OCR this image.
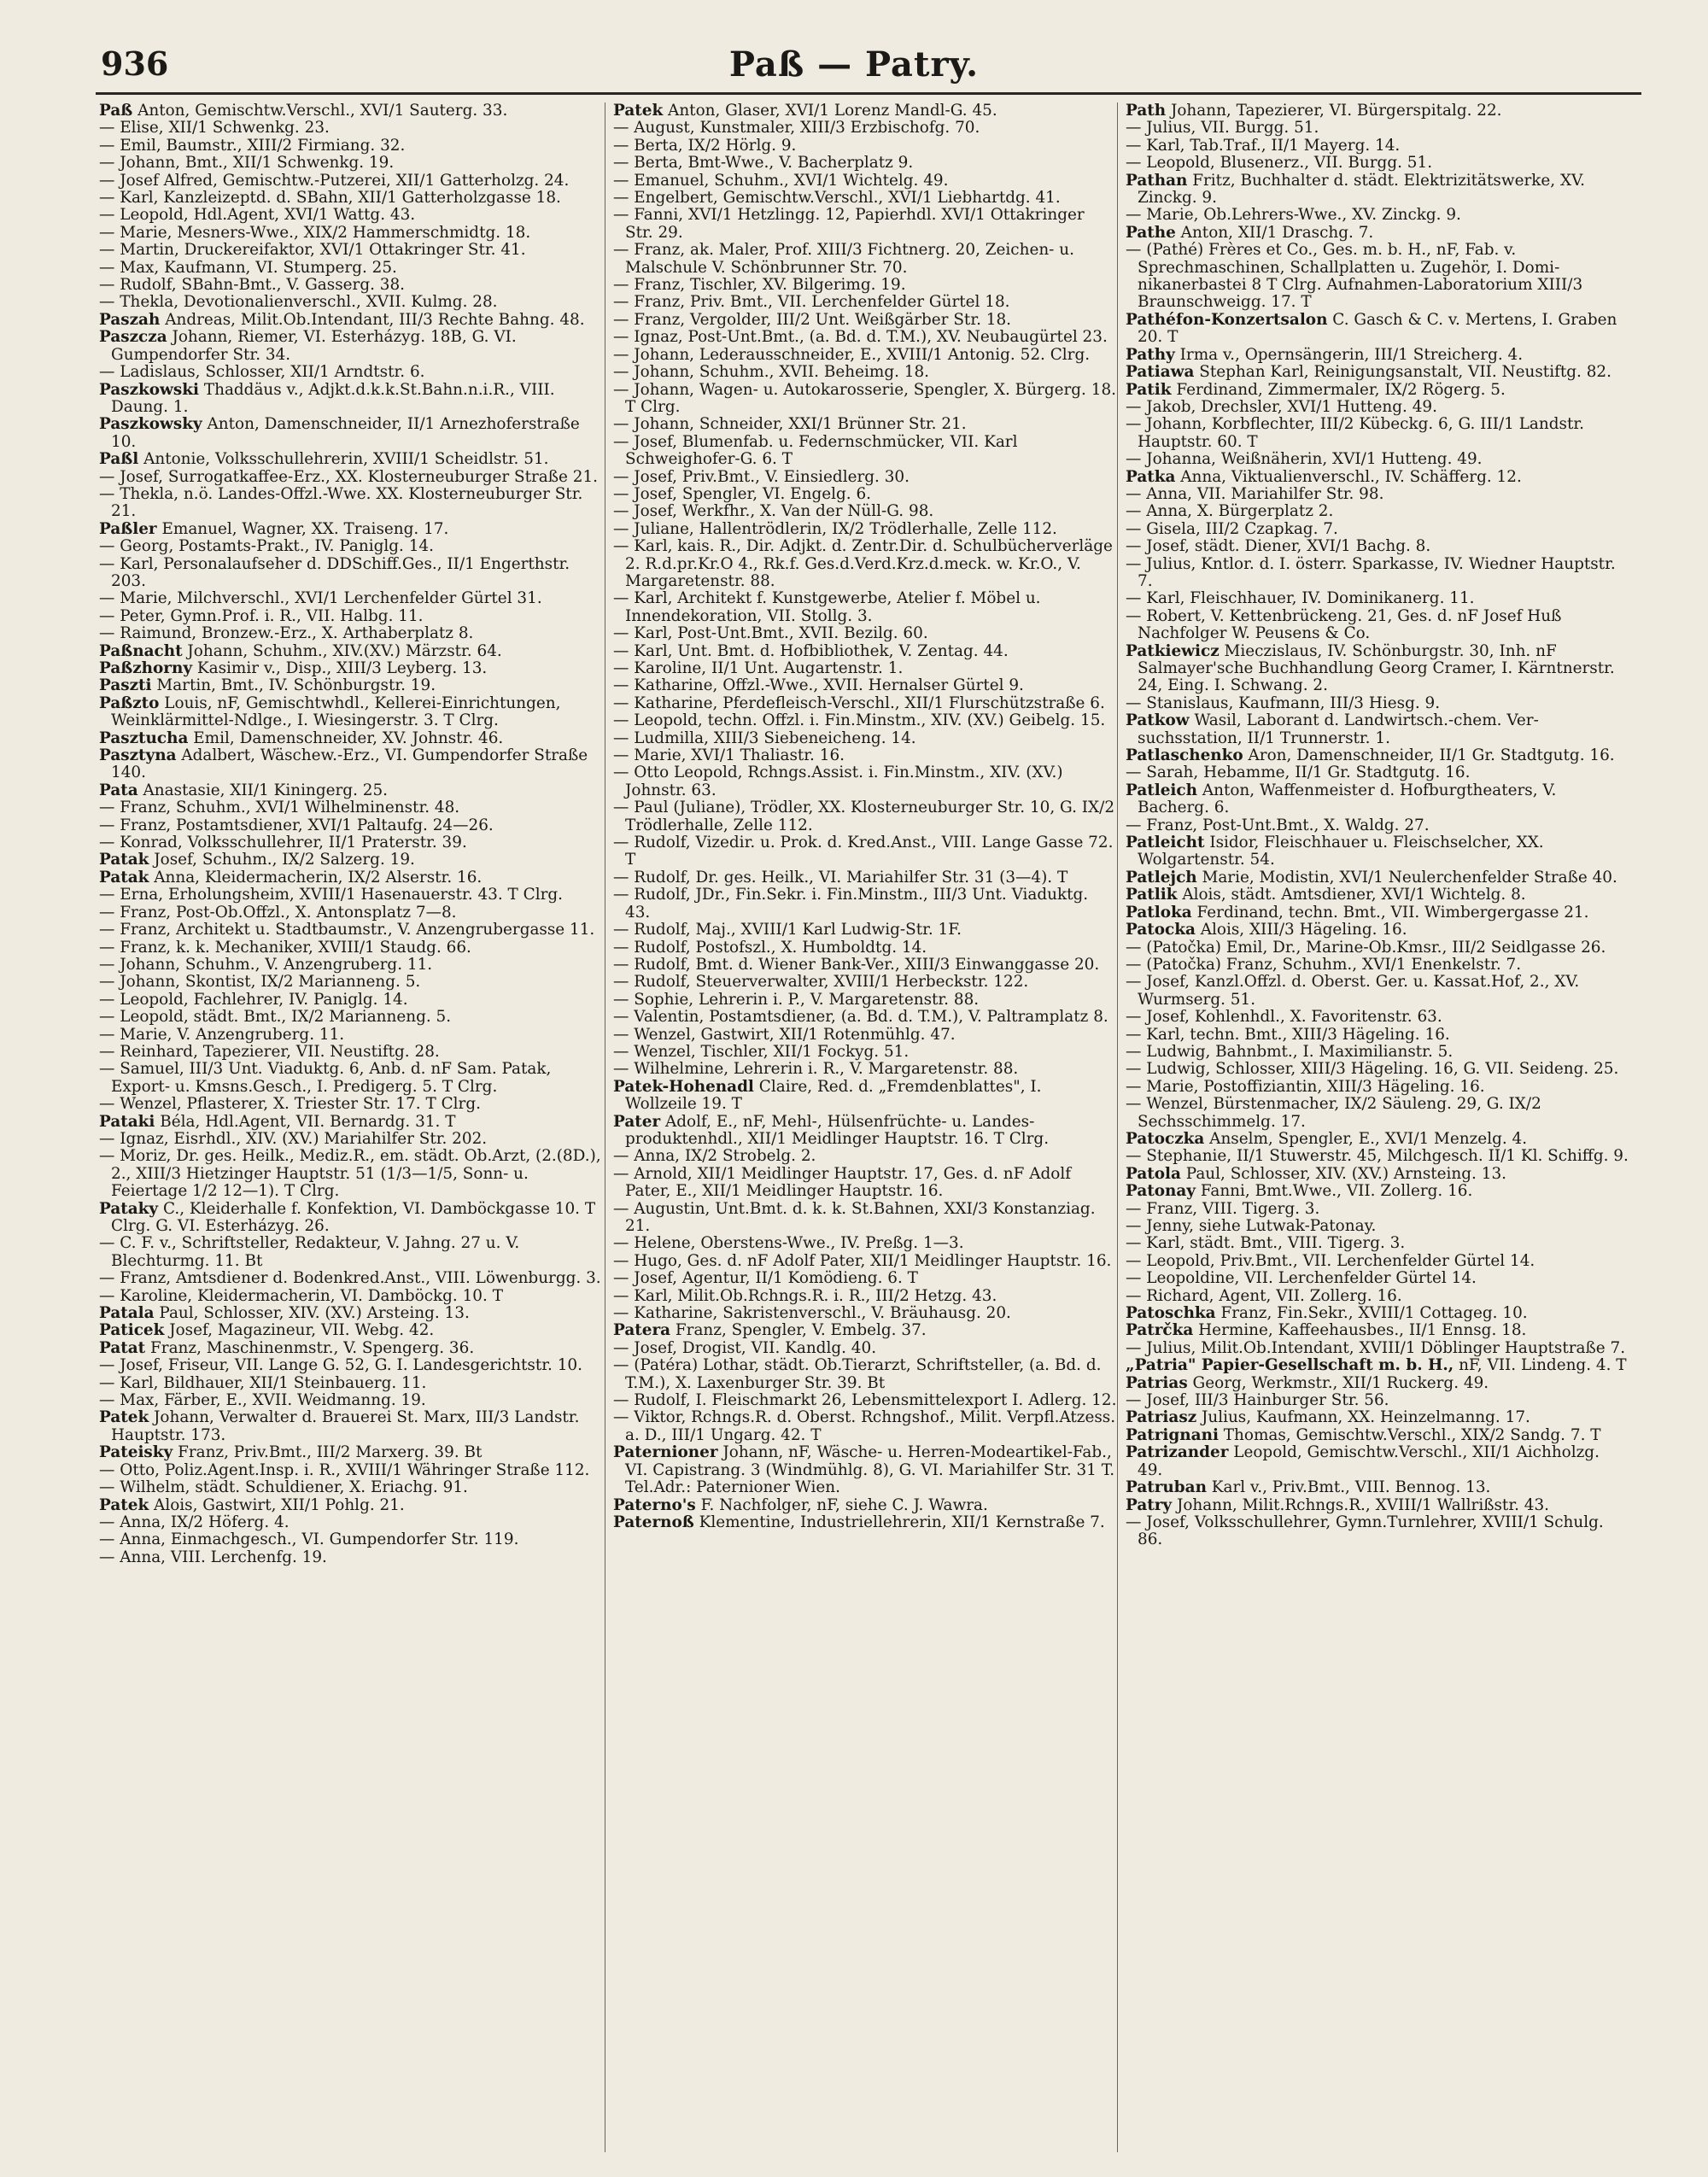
936	Paß — Patry.

Paß Anton, Gemischtw.Verschl., XVI/1 Sauterg. 33.

— Elise, XII/1 Schwenkg. 23.

— Emil, Baumstr., XIII/2 Firmiang. 32.

— Johann, Bmt., XII/1 Schwenkg. 19.

— Josef Alfred, Gemischtw.-Putzerei, XII/1 Gatterholzg. 24.

— Karl, Kanzleizeptd. d. SBahn, XII/1 Gatterholzgasse 18.

— Leopold, Hdl.Agent, XVI/1 Wattg. 43.

— Marie, Mesners-Wwe., XIX/2 Hammerschmidtg. 18.

— Martin, Druckereifaktor, XVI/1 Ottakringer Str. 41.

— Max, Kaufmann, VI. Stumperg. 25.

— Rudolf, SBahn-Bmt., V. Gasserg. 38.

— Thekla, Devotionalienverschl., XVII. Kulmg. 28.

Paszah Andreas, Milit.Ob.Intendant, III/3 Rechte Bahng. 48.

Paszcza Johann, Riemer, VI. Esterházyg. 18B, G. VI. Gumpendorfer Str. 34.

— Ladislaus, Schlosser, XII/1 Arndtstr. 6.

Paszkowski Thaddäus v., Adjkt.d.k.k.St.Bahn.n.i.R., VIII. Daung. 1.

Paszkowsky Anton, Damenschneider, II/1 Arnezhoferstraße 10.

Paßl Antonie, Volksschullehrerin, XVIII/1 Scheidlstr. 51.

— Josef, Surrogatkaffee-Erz., XX. Klosterneuburger Straße 21.

— Thekla, n.ö. Landes-Offzl.-Wwe. XX. Klosterneuburger Str. 21.

Paßler Emanuel, Wagner, XX. Traiseng. 17.

— Georg, Postamts-Prakt., IV. Paniglg. 14.

— Karl, Personalaufseher d. DDSchiff.Ges., II/1 Engerthstr. 203.

— Marie, Milchverschl., XVI/1 Lerchenfelder Gürtel 31.

— Peter, Gymn.Prof. i. R., VII. Halbg. 11.

— Raimund, Bronzew.-Erz., X. Arthaberplatz 8.

Paßnacht Johann, Schuhm., XIV.(XV.) Märzstr. 64.

Paßzhorny Kasimir v., Disp., XIII/3 Leyberg. 13.

Paszti Martin, Bmt., IV. Schönburgstr. 19.

Paßzto Louis, nF, Gemischtwhdl., Kellerei-Einrichtungen, Weinklärmittel-Ndlge., I. Wiesingerstr. 3. T Clrg.

Pasztucha Emil, Damenschneider, XV. Johnstr. 46.

Pasztyna Adalbert, Wäschew.-Erz., VI. Gumpendorfer Straße 140.

Pata Anastasie, XII/1 Kiningerg. 25.

— Franz, Schuhm., XVI/1 Wilhelminenstr. 48.

— Franz, Postamtsdiener, XVI/1 Paltaufg. 24—26.

— Konrad, Volksschullehrer, II/1 Praterstr. 39.

Patak Josef, Schuhm., IX/2 Salzerg. 19.

Patak Anna, Kleidermacherin, IX/2 Alserstr. 16.

— Erna, Erholungsheim, XVIII/1 Hasenauerstr. 43. T Clrg.

— Franz, Post-Ob.Offzl., X. Antonsplatz 7—8.

— Franz, Architekt u. Stadtbaumstr., V. Anzengrubergasse 11.

— Franz, k. k. Mechaniker, XVIII/1 Staudg. 66.

— Johann, Schuhm., V. Anzengruberg. 11.

— Johann, Skontist, IX/2 Marianneng. 5.

— Leopold, Fachlehrer, IV. Paniglg. 14.

— Leopold, städt. Bmt., IX/2 Marianneng. 5.

— Marie, V. Anzengruberg. 11.

— Reinhard, Tapezierer, VII. Neustiftg. 28.

— Samuel, III/3 Unt. Viaduktg. 6, Anb. d. nF Sam. Patak, Export- u. Kmsns.Gesch., I. Predigerg. 5. T Clrg.

— Wenzel, Pflasterer, X. Triester Str. 17. T Clrg.

Pataki Béla, Hdl.Agent, VII. Bernardg. 31. T

— Ignaz, Eisrhdl., XIV. (XV.) Mariahilfer Str. 202.

— Moriz, Dr. ges. Heilk., Mediz.R., em. städt. Ob.Arzt, (2.(8D.), 2., XIII/3 Hietzinger Hauptstr. 51 (1/3—1/5, Sonn- u. Feiertage 1/2 12—1). T Clrg.

Pataky C., Kleiderhalle f. Konfektion, VI. Damböckgasse 10. T Clrg. G. VI. Esterházyg. 26.

— C. F. v., Schriftsteller, Redakteur, V. Jahng. 27 u. V. Blechturmg. 11. Bt

— Franz, Amtsdiener d. Bodenkred.Anst., VIII. Löwenburgg. 3.

— Karoline, Kleidermacherin, VI. Damböckg. 10. T

Patala Paul, Schlosser, XIV. (XV.) Arsteing. 13.

Paticek Josef, Magazineur, VII. Webg. 42.

Patat Franz, Maschinenmstr., V. Spengerg. 36.

— Josef, Friseur, VII. Lange G. 52, G. I. Landesgerichtstr. 10.

— Karl, Bildhauer, XII/1 Steinbauerg. 11.

— Max, Färber, E., XVII. Weidmanng. 19.

Patek Johann, Verwalter d. Brauerei St. Marx, III/3 Landstr. Hauptstr. 173.

Pateisky Franz, Priv.Bmt., III/2 Marxerg. 39. Bt

— Otto, Poliz.Agent.Insp. i. R., XVIII/1 Währinger Straße 112.

— Wilhelm, städt. Schuldiener, X. Eriachg. 91.

Patek Alois, Gastwirt, XII/1 Pohlg. 21.

— Anna, IX/2 Höferg. 4.

— Anna, Einmachgesch., VI. Gumpendorfer Str. 119.

— Anna, VIII. Lerchenfg. 19.

Patek Anton, Glaser, XVI/1 Lorenz Mandl-G. 45.

— August, Kunstmaler, XIII/3 Erzbischofg. 70.

— Berta, IX/2 Hörlg. 9.

— Berta, Bmt-Wwe., V. Bacherplatz 9.

— Emanuel, Schuhm., XVI/1 Wichtelg. 49.

— Engelbert, Gemischtw.Verschl., XVI/1 Liebhartdg. 41.

— Fanni, XVI/1 Hetzlingg. 12, Papierhdl. XVI/1 Ottakringer Str. 29.

— Franz, ak. Maler, Prof. XIII/3 Fichtnerg. 20, Zeichen- u. Malschule V. Schönbrunner Str. 70.

— Franz, Tischler, XV. Bilgerimg. 19.

— Franz, Priv. Bmt., VII. Lerchenfelder Gürtel 18.

— Franz, Vergolder, III/2 Unt. Weißgärber Str. 18.

— Ignaz, Post-Unt.Bmt., (a. Bd. d. T.M.), XV. Neubaugürtel 23.

— Johann, Lederausschneider, E., XVIII/1 Antonig. 52. Clrg.

— Johann, Schuhm., XVII. Beheimg. 18.

— Johann, Wagen- u. Autokarosserie, Spengler, X. Bürgerg. 18. T Clrg.

— Johann, Schneider, XXI/1 Brünner Str. 21.

— Josef, Blumenfab. u. Federnschmücker, VII. Karl Schweighofer-G. 6. T

— Josef, Priv.Bmt., V. Einsiedlerg. 30.

— Josef, Spengler, VI. Engelg. 6.

— Josef, Werkfhr., X. Van der Nüll-G. 98.

— Juliane, Hallentrödlerin, IX/2 Trödlerhalle, Zelle 112.

— Karl, kais. R., Dir. Adjkt. d. Zentr.Dir. d. Schulbücherverläge 2. R.d.pr.Kr.O 4., Rk.f. Ges.d.Verd.Krz.d.meck. w. Kr.O., V. Margaretenstr. 88.

— Karl, Architekt f. Kunstgewerbe, Atelier f. Möbel u. Innendekoration, VII. Stollg. 3.

— Karl, Post-Unt.Bmt., XVII. Bezilg. 60.

— Karl, Unt. Bmt. d. Hofbibliothek, V. Zentag. 44.

— Karoline, II/1 Unt. Augartenstr. 1.

— Katharine, Offzl.-Wwe., XVII. Hernalser Gürtel 9.

— Katharine, Pferdefleisch-Verschl., XII/1 Flurschützstraße 6.

— Leopold, techn. Offzl. i. Fin.Minstm., XIV. (XV.) Geibelg. 15.

— Ludmilla, XIII/3 Siebeneicheng. 14.

— Marie, XVI/1 Thaliastr. 16.

— Otto Leopold, Rchngs.Assist. i. Fin.Minstm., XIV. (XV.) Johnstr. 63.

— Paul (Juliane), Trödler, XX. Klosterneuburger Str. 10, G. IX/2 Trödlerhalle, Zelle 112.

— Rudolf, Vizedir. u. Prok. d. Kred.Anst., VIII. Lange Gasse 72. T

— Rudolf, Dr. ges. Heilk., VI. Mariahilfer Str. 31 (3—4). T

— Rudolf, JDr., Fin.Sekr. i. Fin.Minstm., III/3 Unt. Viaduktg. 43.

— Rudolf, Maj., XVIII/1 Karl Ludwig-Str. 1F.

— Rudolf, Postofszl., X. Humboldtg. 14.

— Rudolf, Bmt. d. Wiener Bank-Ver., XIII/3 Einwanggasse 20.

— Rudolf, Steuerverwalter, XVIII/1 Herbeckstr. 122.

— Sophie, Lehrerin i. P., V. Margaretenstr. 88.

— Valentin, Postamtsdiener, (a. Bd. d. T.M.), V. Paltramplatz 8.

— Wenzel, Gastwirt, XII/1 Rotenmühlg. 47.

— Wenzel, Tischler, XII/1 Fockyg. 51.

— Wilhelmine, Lehrerin i. R., V. Margaretenstr. 88.

Patek-Hohenadl Claire, Red. d. „Fremdenblattes", I. Wollzeile 19. T

Pater Adolf, E., nF, Mehl-, Hülsenfrüchte- u. Landesproduktenhdl., XII/1 Meidlinger Hauptstr. 16. T Clrg.

— Anna, IX/2 Strobelg. 2.

— Arnold, XII/1 Meidlinger Hauptstr. 17, Ges. d. nF Adolf Pater, E., XII/1 Meidlinger Hauptstr. 16.

— Augustin, Unt.Bmt. d. k. k. St.Bahnen, XXI/3 Konstanziag. 21.

— Helene, Oberstens-Wwe., IV. Preßg. 1—3.

— Hugo, Ges. d. nF Adolf Pater, XII/1 Meidlinger Hauptstr. 16.

— Josef, Agentur, II/1 Komödieng. 6. T

— Karl, Milit.Ob.Rchngs.R. i. R., III/2 Hetzg. 43.

— Katharine, Sakristenverschl., V. Bräuhausg. 20.

Patera Franz, Spengler, V. Embelg. 37.

— Josef, Drogist, VII. Kandlg. 40.

— (Patéra) Lothar, städt. Ob.Tierarzt, Schriftsteller, (a. Bd. d. T.M.), X. Laxenburger Str. 39. Bt

— Rudolf, I. Fleischmarkt 26, Lebensmittelexport I. Adlerg. 12.

— Viktor, Rchngs.R. d. Oberst. Rchngshof., Milit. Verpfl.Atzess. a. D., III/1 Ungarg. 42. T

Paternioner Johann, nF, Wäsche- u. Herren-Modeartikel-Fab., VI. Capistrang. 3 (Windmühlg. 8), G. VI. Mariahilfer Str. 31 T. Tel.Adr.: Paternioner Wien.

Paterno's F. Nachfolger, nF, siehe C. J. Wawra.

Paternoß Klementine, Industriellehrerin, XII/1 Kernstraße 7.

Path Johann, Tapezierer, VI. Bürgerspitalg. 22.

— Julius, VII. Burgg. 51.

— Karl, Tab.Traf., II/1 Mayerg. 14.

— Leopold, Blusenerz., VII. Burgg. 51.

Pathan Fritz, Buchhalter d. städt. Elektrizitätswerke, XV. Zinckg. 9.

— Marie, Ob.Lehrers-Wwe., XV. Zinckg. 9.

Pathe Anton, XII/1 Draschg. 7.

— (Pathé) Frères et Co., Ges. m. b. H., nF, Fab. v. Sprechmaschinen, Schallplatten u. Zugehör, I. Dominikanerbastei 8 T Clrg. Aufnahmen-Laboratorium XIII/3 Braunschweigg. 17. T

Pathéfon-Konzertsalon C. Gasch & C. v. Mertens, I. Graben 20. T

Pathy Irma v., Opernsängerin, III/1 Streicherg. 4.

Patiawa Stephan Karl, Reinigungsanstalt, VII. Neustiftg. 82.

Patik Ferdinand, Zimmermaler, IX/2 Rögerg. 5.

— Jakob, Drechsler, XVI/1 Hutteng. 49.

— Johann, Korbflechter, III/2 Kübeckg. 6, G. III/1 Landstr. Hauptstr. 60. T

— Johanna, Weißnäherin, XVI/1 Hutteng. 49.

Patka Anna, Viktualienverschl., IV. Schäfferg. 12.

— Anna, VII. Mariahilfer Str. 98.

— Anna, X. Bürgerplatz 2.

— Gisela, III/2 Czapkag. 7.

— Josef, städt. Diener, XVI/1 Bachg. 8.

— Julius, Kntlor. d. I. österr. Sparkasse, IV. Wiedner Hauptstr. 7.

— Karl, Fleischhauer, IV. Dominikanerg. 11.

— Robert, V. Kettenbrückeng. 21, Ges. d. nF Josef Huß Nachfolger W. Peusens & Co.

Patkiewicz Mieczislaus, IV. Schönburgstr. 30, Inh. nF Salmayer'sche Buchhandlung Georg Cramer, I. Kärntnerstr. 24, Eing. I. Schwang. 2.

— Stanislaus, Kaufmann, III/3 Hiesg. 9.

Patkow Wasil, Laborant d. Landwirtsch.-chem. Versuchsstation, II/1 Trunnerstr. 1.

Patlaschenko Aron, Damenschneider, II/1 Gr. Stadtgutg. 16.

— Sarah, Hebamme, II/1 Gr. Stadtgutg. 16.

Patleich Anton, Waffenmeister d. Hofburgtheaters, V. Bacherg. 6.

— Franz, Post-Unt.Bmt., X. Waldg. 27.

Patleicht Isidor, Fleischhauer u. Fleischselcher, XX. Wolgartenstr. 54.

Patlejch Marie, Modistin, XVI/1 Neulerchenfelder Straße 40.

Patlik Alois, städt. Amtsdiener, XVI/1 Wichtelg. 8.

Patloka Ferdinand, techn. Bmt., VII. Wimbergergasse 21.

Patocka Alois, XIII/3 Hägeling. 16.

— (Patočka) Emil, Dr., Marine-Ob.Kmsr., III/2 Seidlgasse 26.

— (Patočka) Franz, Schuhm., XVI/1 Enenkelstr. 7.

— Josef, Kanzl.Offzl. d. Oberst. Ger. u. Kassat.Hof, 2., XV. Wurmserg. 51.

— Josef, Kohlenhdl., X. Favoritenstr. 63.

— Karl, techn. Bmt., XIII/3 Hägeling. 16.

— Ludwig, Bahnbmt., I. Maximilianstr. 5.

— Ludwig, Schlosser, XIII/3 Hägeling. 16, G. VII. Seideng. 25.

— Marie, Postoffiziantin, XIII/3 Hägeling. 16.

— Wenzel, Bürstenmacher, IX/2 Säuleng. 29, G. IX/2 Sechsschimmelg. 17.

Patoczka Anselm, Spengler, E., XVI/1 Menzelg. 4.

— Stephanie, II/1 Stuwerstr. 45, Milchgesch. II/1 Kl. Schiffg. 9.

Patola Paul, Schlosser, XIV. (XV.) Arnsteing. 13.

Patonay Fanni, Bmt.Wwe., VII. Zollerg. 16.

— Franz, VIII. Tigerg. 3.

— Jenny, siehe Lutwak-Patonay.

— Karl, städt. Bmt., VIII. Tigerg. 3.

— Leopold, Priv.Bmt., VII. Lerchenfelder Gürtel 14.

— Leopoldine, VII. Lerchenfelder Gürtel 14.

— Richard, Agent, VII. Zollerg. 16.

Patoschka Franz, Fin.Sekr., XVIII/1 Cottageg. 10.

Patrčka Hermine, Kaffeehausbes., II/1 Ennsg. 18.

— Julius, Milit.Ob.Intendant, XVIII/1 Döblinger Hauptstraße 7.

„Patria" Papier-Gesellschaft m. b. H., nF, VII. Lindeng. 4. T

Patrias Georg, Werkmstr., XII/1 Ruckerg. 49.

— Josef, III/3 Hainburger Str. 56.

Patriasz Julius, Kaufmann, XX. Heinzelmanng. 17.

Patrignani Thomas, Gemischtw.Verschl., XIX/2 Sandg. 7. T

Patrizander Leopold, Gemischtw.Verschl., XII/1 Aichholzg. 49.

Patruban Karl v., Priv.Bmt., VIII. Bennog. 13.

Patry Johann, Milit.Rchngs.R., XVIII/1 Wallrißstr. 43.

— Josef, Volksschullehrer, Gymn.Turnlehrer, XVIII/1 Schulg. 86.
